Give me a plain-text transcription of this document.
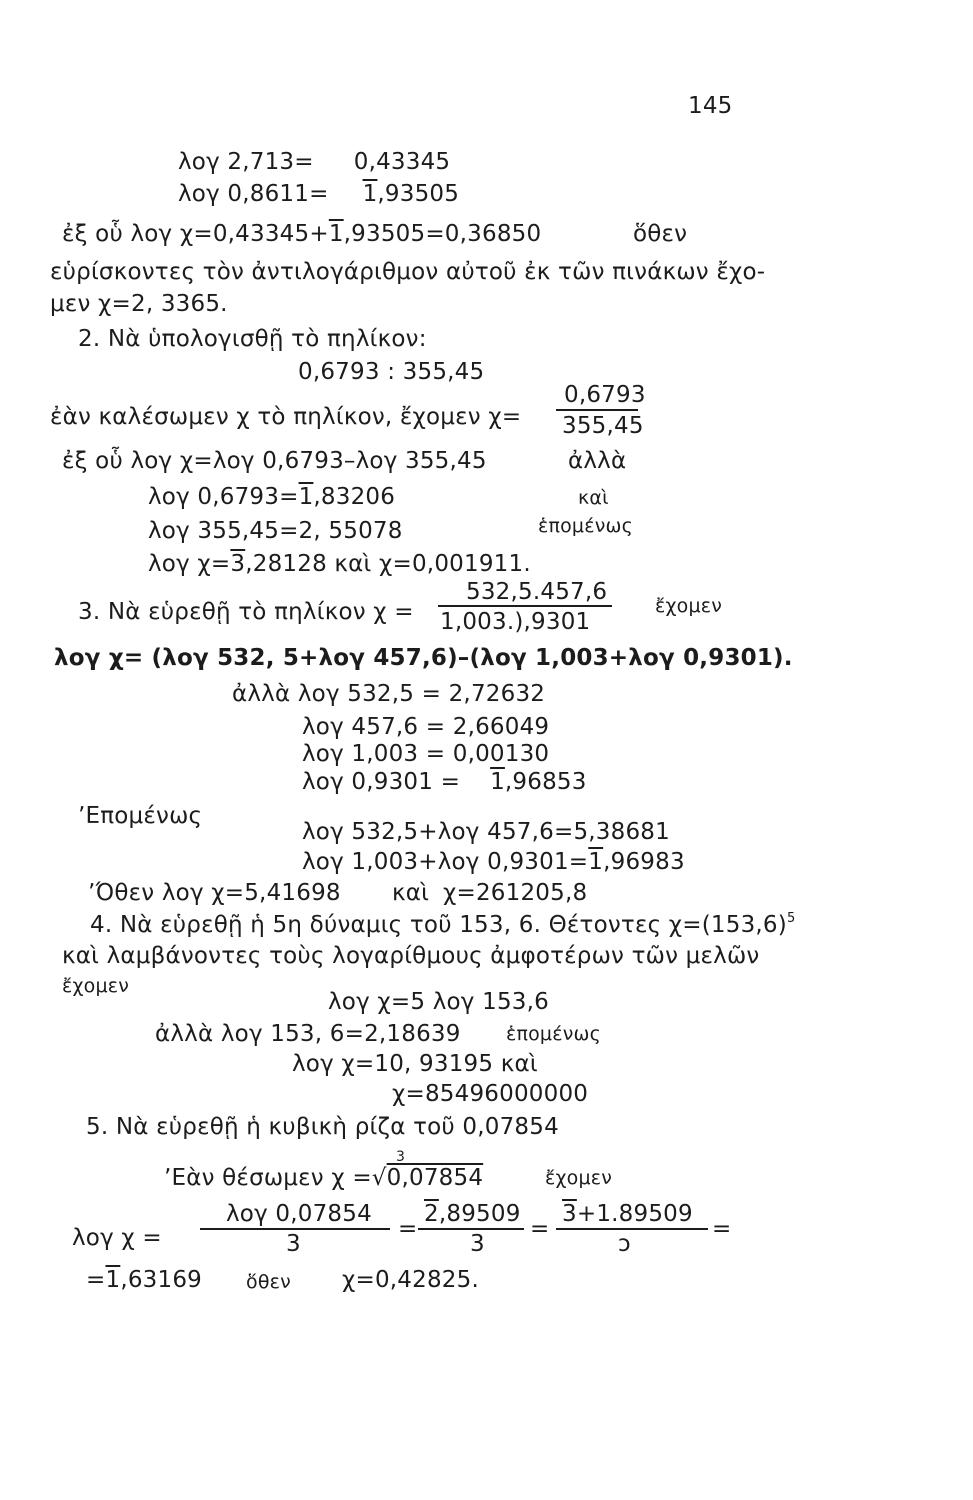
145
λογ 2,713= 0,43345
λογ 0,8611= 1,93505
ἐξ οὗ λογ χ=0,43345+1,93505=0,36850	ὅθεν
εὑρίσκοντες τὸν ἀντιλογάριθμον αὐτοῦ ἐκ τῶν πινάκων ἔχο-
μεν χ=2, 3365.
2. Νὰ ὑπολογισθῇ τὸ πηλίκον:
0,6793 : 355,45
ἐὰν καλέσωμεν χ τὸ πηλίκον, ἔχομεν χ=
0,6793
355,45
ἐξ οὗ λογ χ=λογ 0,6793–λογ 355,45	ἀλλὰ
λογ 0,6793=1,83206	καὶ
λογ 355,45=2, 55078	ἑπομένως
λογ χ=3,28128 καὶ χ=0,001911.
3. Νὰ εὑρεθῇ τὸ πηλίκον χ =
532,5.457,6
1,003.),9301
ἔχομεν
λογ χ= (λογ 532, 5+λογ 457,6)–(λογ 1,003+λογ 0,9301).
ἀλλὰ λογ 532,5 = 2,72632
λογ 457,6 = 2,66049
λογ 1,003 = 0,00130
λογ 0,9301 = 1,96853
ʼΕπομένως
λογ 532,5+λογ 457,6=5,38681
λογ 1,003+λογ 0,9301=1,96983
ʼΌθεν λογ χ=5,41698 καὶ χ=261205,8
4. Νὰ εὑρεθῇ ἡ 5η δύναμις τοῦ 153, 6. Θέτοντες $\chi=(153,6)^5$
καὶ λαμβάνοντες τοὺς λογαρίθμους ἀμφοτέρων τῶν μελῶν
ἔχομεν
λογ χ=5 λογ 153,6
ἀλλὰ λογ 153, 6=2,18639 ἑπομένως
λογ χ=10, 93195 καὶ
χ=85496000000
5. Νὰ εὑρεθῇ ἡ κυβικὴ ρίζα τοῦ 0,07854
3
ʼΕὰν θέσωμεν χ =√0,07854	ἔχομεν
λογ χ =
λογ 0,07854
3
=
2,89509
3
=
3+1.89509
ɔ
=
=1,63169 ὅθεν χ=0,42825.
